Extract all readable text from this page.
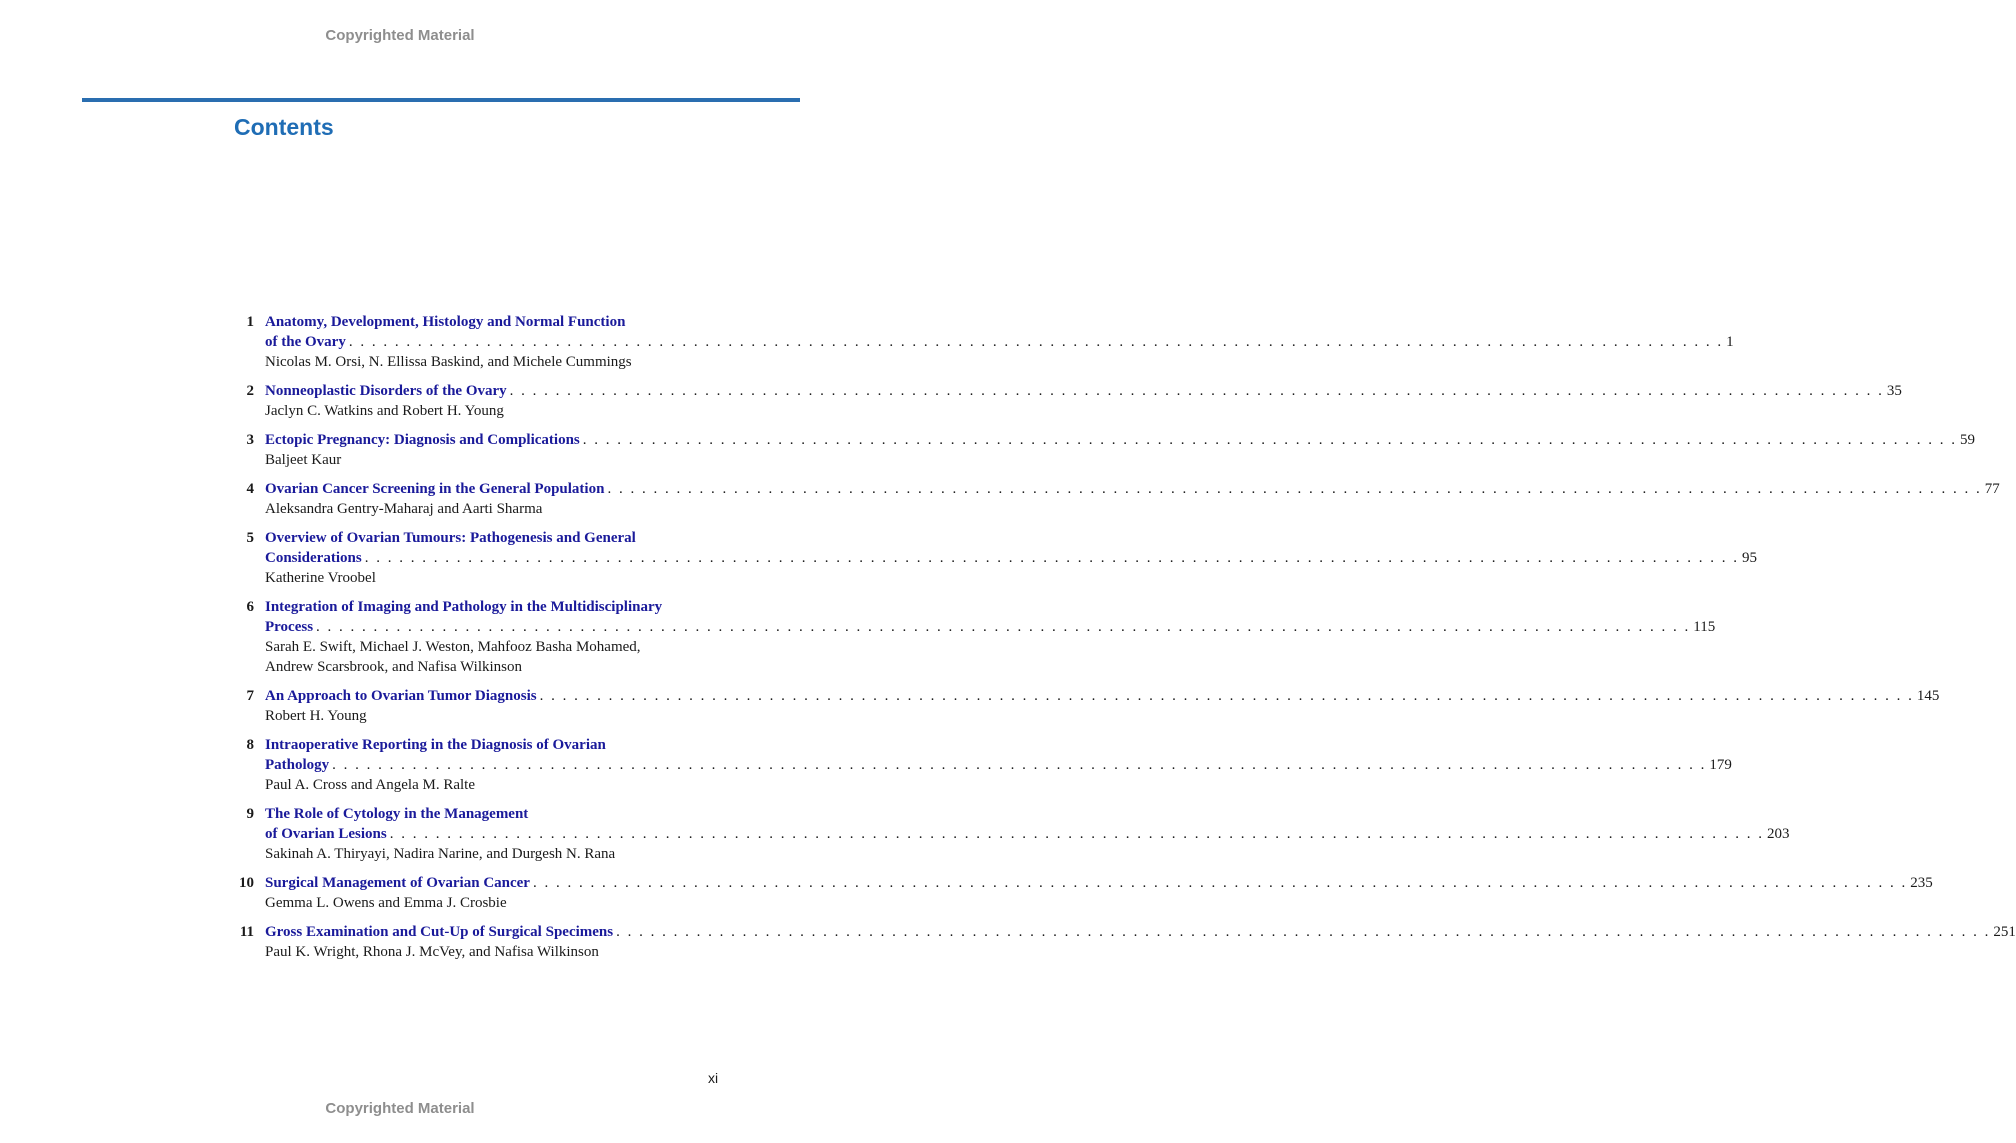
Copyrighted Material
Contents
1 Anatomy, Development, Histology and Normal Function
of the Ovary . . . . . . . . . . . . . . . . . . . . . . . . . . . . . . . . . . . . . . . . . . . . . . . . . . . . . . . . . . . . . . . . . . . . . . . . . . . . . . . . . . . . . . . . . . . . . . . . . . . . . . . . . . . . . . . . . . . . . . . . 1
Nicolas M. Orsi, N. Ellissa Baskind, and Michele Cummings
2 Nonneoplastic Disorders of the Ovary . . . . . . . . . . . . . . . . . . . . . . . . . . . . . . . . . . . . . . . . . . . . . . . . . . . . . . . . . . . . . . . . . . . . . . . . . . . . . . . . . . . . . . . . . . . . . . . . . . . . . . . . . . . . . . . . . . . . . . . . 35
Jaclyn C. Watkins and Robert H. Young
3 Ectopic Pregnancy: Diagnosis and Complications . . . . . . . . . . . . . . . . . . . . . . . . . . . . . . . . . . . . . . . . . . . . . . . . . . . . . . . . . . . . . . . . . . . . . . . . . . . . . . . . . . . . . . . . . . . . . . . . . . . . . . . . . . . . . . . . . . . . . . . . 59
Baljeet Kaur
4 Ovarian Cancer Screening in the General Population . . . . . . . . . . . . . . . . . . . . . . . . . . . . . . . . . . . . . . . . . . . . . . . . . . . . . . . . . . . . . . . . . . . . . . . . . . . . . . . . . . . . . . . . . . . . . . . . . . . . . . . . . . . . . . . . . . . . . . . . 77
Aleksandra Gentry-Maharaj and Aarti Sharma
5 Overview of Ovarian Tumours: Pathogenesis and General
Considerations . . . . . . . . . . . . . . . . . . . . . . . . . . . . . . . . . . . . . . . . . . . . . . . . . . . . . . . . . . . . . . . . . . . . . . . . . . . . . . . . . . . . . . . . . . . . . . . . . . . . . . . . . . . . . . . . . . . . . . . . 95
Katherine Vroobel
6 Integration of Imaging and Pathology in the Multidisciplinary
Process . . . . . . . . . . . . . . . . . . . . . . . . . . . . . . . . . . . . . . . . . . . . . . . . . . . . . . . . . . . . . . . . . . . . . . . . . . . . . . . . . . . . . . . . . . . . . . . . . . . . . . . . . . . . . . . . . . . . . . . . 115
Sarah E. Swift, Michael J. Weston, Mahfooz Basha Mohamed,
Andrew Scarsbrook, and Nafisa Wilkinson
7 An Approach to Ovarian Tumor Diagnosis . . . . . . . . . . . . . . . . . . . . . . . . . . . . . . . . . . . . . . . . . . . . . . . . . . . . . . . . . . . . . . . . . . . . . . . . . . . . . . . . . . . . . . . . . . . . . . . . . . . . . . . . . . . . . . . . . . . . . . . . 145
Robert H. Young
8 Intraoperative Reporting in the Diagnosis of Ovarian
Pathology . . . . . . . . . . . . . . . . . . . . . . . . . . . . . . . . . . . . . . . . . . . . . . . . . . . . . . . . . . . . . . . . . . . . . . . . . . . . . . . . . . . . . . . . . . . . . . . . . . . . . . . . . . . . . . . . . . . . . . . . 179
Paul A. Cross and Angela M. Ralte
9 The Role of Cytology in the Management
of Ovarian Lesions . . . . . . . . . . . . . . . . . . . . . . . . . . . . . . . . . . . . . . . . . . . . . . . . . . . . . . . . . . . . . . . . . . . . . . . . . . . . . . . . . . . . . . . . . . . . . . . . . . . . . . . . . . . . . . . . . . . . . . . . 203
Sakinah A. Thiryayi, Nadira Narine, and Durgesh N. Rana
10 Surgical Management of Ovarian Cancer . . . . . . . . . . . . . . . . . . . . . . . . . . . . . . . . . . . . . . . . . . . . . . . . . . . . . . . . . . . . . . . . . . . . . . . . . . . . . . . . . . . . . . . . . . . . . . . . . . . . . . . . . . . . . . . . . . . . . . . . 235
Gemma L. Owens and Emma J. Crosbie
11 Gross Examination and Cut-Up of Surgical Specimens . . . . . . . . . . . . . . . . . . . . . . . . . . . . . . . . . . . . . . . . . . . . . . . . . . . . . . . . . . . . . . . . . . . . . . . . . . . . . . . . . . . . . . . . . . . . . . . . . . . . . . . . . . . . . . . . . . . . . . . . 251
Paul K. Wright, Rhona J. McVey, and Nafisa Wilkinson
xi
Copyrighted Material
